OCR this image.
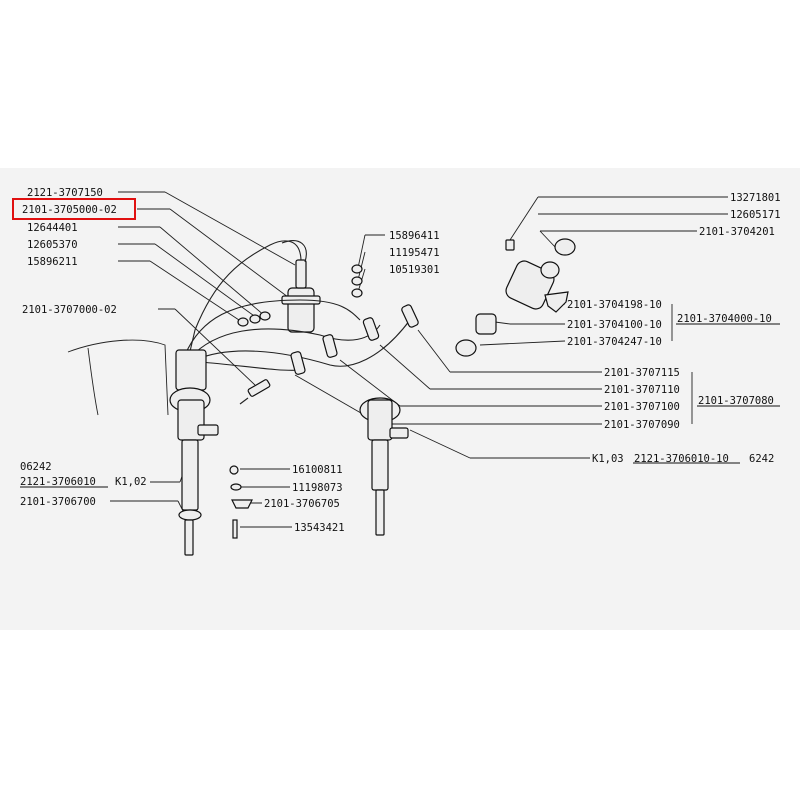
2121-3707150
2101-3705000-02
12644401
12605370
15896211
2101-3707000-02
15896411
11195471
10519301
13271801
12605171
2101-3704201
2101-3704198-10
2101-3704100-10 2101-3704000-10
2101-3704247-10
2101-3707115
2101-3707110
2101-3707100 2101-3707080
2101-3707090
K1,03 2121-3706010-10 6242
06242
2121-3706010 K1,02
2101-3706700
16100811
11198073
2101-3706705
13543421
